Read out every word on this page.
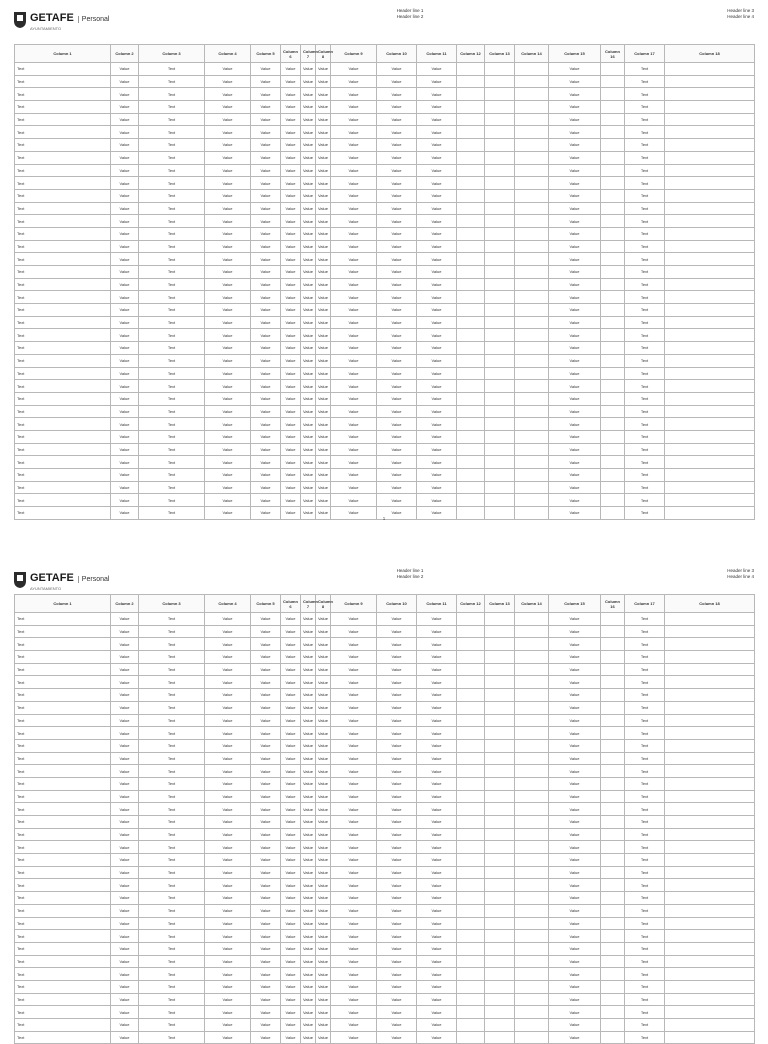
GETAFE
AYUNTAMIENTO
Personal
Header line 1
Header line 2
Header line 3
Header line 4
Column 1	Column 2	Column 3	Column 4	Column 5	Column 6	Column 7	Column 8	Column 9	Column 10	Column 11	Column 12	Column 13	Column 14	Column 15	Column 16	Column 17	Column 18
Text	Value	Text	Value	Value	Value	Value	Value	Value	Value	Value				Value		Text	
Text	Value	Text	Value	Value	Value	Value	Value	Value	Value	Value				Value		Text	
Text	Value	Text	Value	Value	Value	Value	Value	Value	Value	Value				Value		Text	
Text	Value	Text	Value	Value	Value	Value	Value	Value	Value	Value				Value		Text	
Text	Value	Text	Value	Value	Value	Value	Value	Value	Value	Value				Value		Text	
Text	Value	Text	Value	Value	Value	Value	Value	Value	Value	Value				Value		Text	
Text	Value	Text	Value	Value	Value	Value	Value	Value	Value	Value				Value		Text	
Text	Value	Text	Value	Value	Value	Value	Value	Value	Value	Value				Value		Text	
Text	Value	Text	Value	Value	Value	Value	Value	Value	Value	Value				Value		Text	
Text	Value	Text	Value	Value	Value	Value	Value	Value	Value	Value				Value		Text	
Text	Value	Text	Value	Value	Value	Value	Value	Value	Value	Value				Value		Text	
Text	Value	Text	Value	Value	Value	Value	Value	Value	Value	Value				Value		Text	
Text	Value	Text	Value	Value	Value	Value	Value	Value	Value	Value				Value		Text	
Text	Value	Text	Value	Value	Value	Value	Value	Value	Value	Value				Value		Text	
Text	Value	Text	Value	Value	Value	Value	Value	Value	Value	Value				Value		Text	
Text	Value	Text	Value	Value	Value	Value	Value	Value	Value	Value				Value		Text	
Text	Value	Text	Value	Value	Value	Value	Value	Value	Value	Value				Value		Text	
Text	Value	Text	Value	Value	Value	Value	Value	Value	Value	Value				Value		Text	
Text	Value	Text	Value	Value	Value	Value	Value	Value	Value	Value				Value		Text	
Text	Value	Text	Value	Value	Value	Value	Value	Value	Value	Value				Value		Text	
Text	Value	Text	Value	Value	Value	Value	Value	Value	Value	Value				Value		Text	
Text	Value	Text	Value	Value	Value	Value	Value	Value	Value	Value				Value		Text	
Text	Value	Text	Value	Value	Value	Value	Value	Value	Value	Value				Value		Text	
Text	Value	Text	Value	Value	Value	Value	Value	Value	Value	Value				Value		Text	
Text	Value	Text	Value	Value	Value	Value	Value	Value	Value	Value				Value		Text	
Text	Value	Text	Value	Value	Value	Value	Value	Value	Value	Value				Value		Text	
Text	Value	Text	Value	Value	Value	Value	Value	Value	Value	Value				Value		Text	
Text	Value	Text	Value	Value	Value	Value	Value	Value	Value	Value				Value		Text	
Text	Value	Text	Value	Value	Value	Value	Value	Value	Value	Value				Value		Text	
Text	Value	Text	Value	Value	Value	Value	Value	Value	Value	Value				Value		Text	
Text	Value	Text	Value	Value	Value	Value	Value	Value	Value	Value				Value		Text	
Text	Value	Text	Value	Value	Value	Value	Value	Value	Value	Value				Value		Text	
Text	Value	Text	Value	Value	Value	Value	Value	Value	Value	Value				Value		Text	
Text	Value	Text	Value	Value	Value	Value	Value	Value	Value	Value				Value		Text	
Text	Value	Text	Value	Value	Value	Value	Value	Value	Value	Value				Value		Text	
Text	Value	Text	Value	Value	Value	Value	Value	Value	Value	Value				Value		Text	
1
GETAFE
AYUNTAMIENTO
Personal
Header line 1
Header line 2
Header line 3
Header line 4
Column 1	Column 2	Column 3	Column 4	Column 5	Column 6	Column 7	Column 8	Column 9	Column 10	Column 11	Column 12	Column 13	Column 14	Column 15	Column 16	Column 17	Column 18
Text	Value	Text	Value	Value	Value	Value	Value	Value	Value	Value				Value		Text	
Text	Value	Text	Value	Value	Value	Value	Value	Value	Value	Value				Value		Text	
Text	Value	Text	Value	Value	Value	Value	Value	Value	Value	Value				Value		Text	
Text	Value	Text	Value	Value	Value	Value	Value	Value	Value	Value				Value		Text	
Text	Value	Text	Value	Value	Value	Value	Value	Value	Value	Value				Value		Text	
Text	Value	Text	Value	Value	Value	Value	Value	Value	Value	Value				Value		Text	
Text	Value	Text	Value	Value	Value	Value	Value	Value	Value	Value				Value		Text	
Text	Value	Text	Value	Value	Value	Value	Value	Value	Value	Value				Value		Text	
Text	Value	Text	Value	Value	Value	Value	Value	Value	Value	Value				Value		Text	
Text	Value	Text	Value	Value	Value	Value	Value	Value	Value	Value				Value		Text	
Text	Value	Text	Value	Value	Value	Value	Value	Value	Value	Value				Value		Text	
Text	Value	Text	Value	Value	Value	Value	Value	Value	Value	Value				Value		Text	
Text	Value	Text	Value	Value	Value	Value	Value	Value	Value	Value				Value		Text	
Text	Value	Text	Value	Value	Value	Value	Value	Value	Value	Value				Value		Text	
Text	Value	Text	Value	Value	Value	Value	Value	Value	Value	Value				Value		Text	
Text	Value	Text	Value	Value	Value	Value	Value	Value	Value	Value				Value		Text	
Text	Value	Text	Value	Value	Value	Value	Value	Value	Value	Value				Value		Text	
Text	Value	Text	Value	Value	Value	Value	Value	Value	Value	Value				Value		Text	
Text	Value	Text	Value	Value	Value	Value	Value	Value	Value	Value				Value		Text	
Text	Value	Text	Value	Value	Value	Value	Value	Value	Value	Value				Value		Text	
Text	Value	Text	Value	Value	Value	Value	Value	Value	Value	Value				Value		Text	
Text	Value	Text	Value	Value	Value	Value	Value	Value	Value	Value				Value		Text	
Text	Value	Text	Value	Value	Value	Value	Value	Value	Value	Value				Value		Text	
Text	Value	Text	Value	Value	Value	Value	Value	Value	Value	Value				Value		Text	
Text	Value	Text	Value	Value	Value	Value	Value	Value	Value	Value				Value		Text	
Text	Value	Text	Value	Value	Value	Value	Value	Value	Value	Value				Value		Text	
Text	Value	Text	Value	Value	Value	Value	Value	Value	Value	Value				Value		Text	
Text	Value	Text	Value	Value	Value	Value	Value	Value	Value	Value				Value		Text	
Text	Value	Text	Value	Value	Value	Value	Value	Value	Value	Value				Value		Text	
Text	Value	Text	Value	Value	Value	Value	Value	Value	Value	Value				Value		Text	
Text	Value	Text	Value	Value	Value	Value	Value	Value	Value	Value				Value		Text	
Text	Value	Text	Value	Value	Value	Value	Value	Value	Value	Value				Value		Text	
Text	Value	Text	Value	Value	Value	Value	Value	Value	Value	Value				Value		Text	
Text	Value	Text	Value	Value	Value	Value	Value	Value	Value	Value				Value		Text	
